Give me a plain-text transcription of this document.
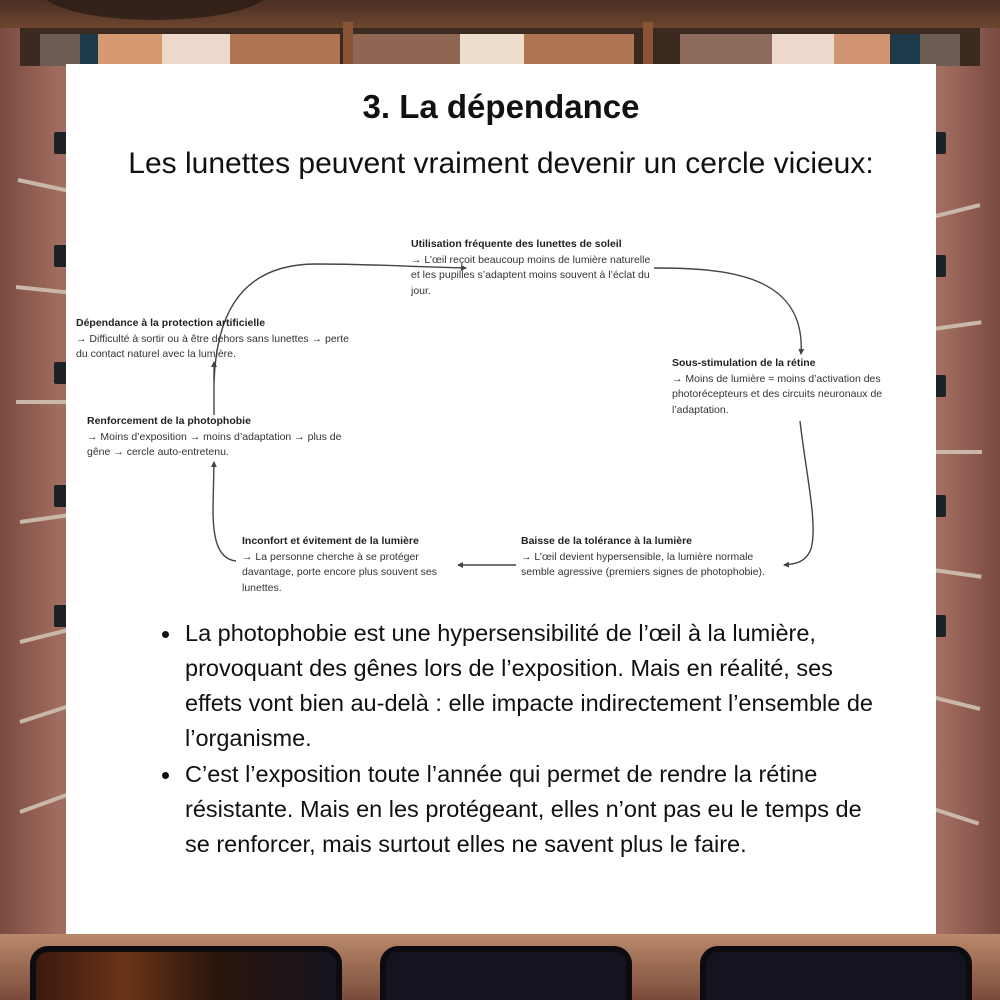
3. La dépendance
Les lunettes peuvent vraiment devenir un cercle vicieux:
Utilisation fréquente des lunettes de soleil
→ L’œil reçoit beaucoup moins de lumière naturelle et les pupilles s’adaptent moins souvent à l’éclat du jour.
Sous-stimulation de la rétine
→ Moins de lumière = moins d’activation des photorécepteurs et des circuits neuronaux de l’adaptation.
Baisse de la tolérance à la lumière
→ L’œil devient hypersensible, la lumière normale semble agressive (premiers signes de photophobie).
Inconfort et évitement de la lumière
→ La personne cherche à se protéger davantage, porte encore plus souvent ses lunettes.
Renforcement de la photophobie
→ Moins d’exposition → moins d’adaptation → plus de gêne → cercle auto-entretenu.
Dépendance à la protection artificielle
→ Difficulté à sortir ou à être dehors sans lunettes → perte du contact naturel avec la lumière.
La photophobie est une hypersensibilité de l’œil à la lumière, provoquant des gênes lors de l’exposition. Mais en réalité, ses effets vont bien au-delà : elle impacte indirectement l’ensemble de l’organisme.
C’est l’exposition toute l’année qui permet de rendre la rétine résistante. Mais en les protégeant, elles n’ont pas eu le temps de se renforcer, mais surtout elles ne savent plus le faire.
